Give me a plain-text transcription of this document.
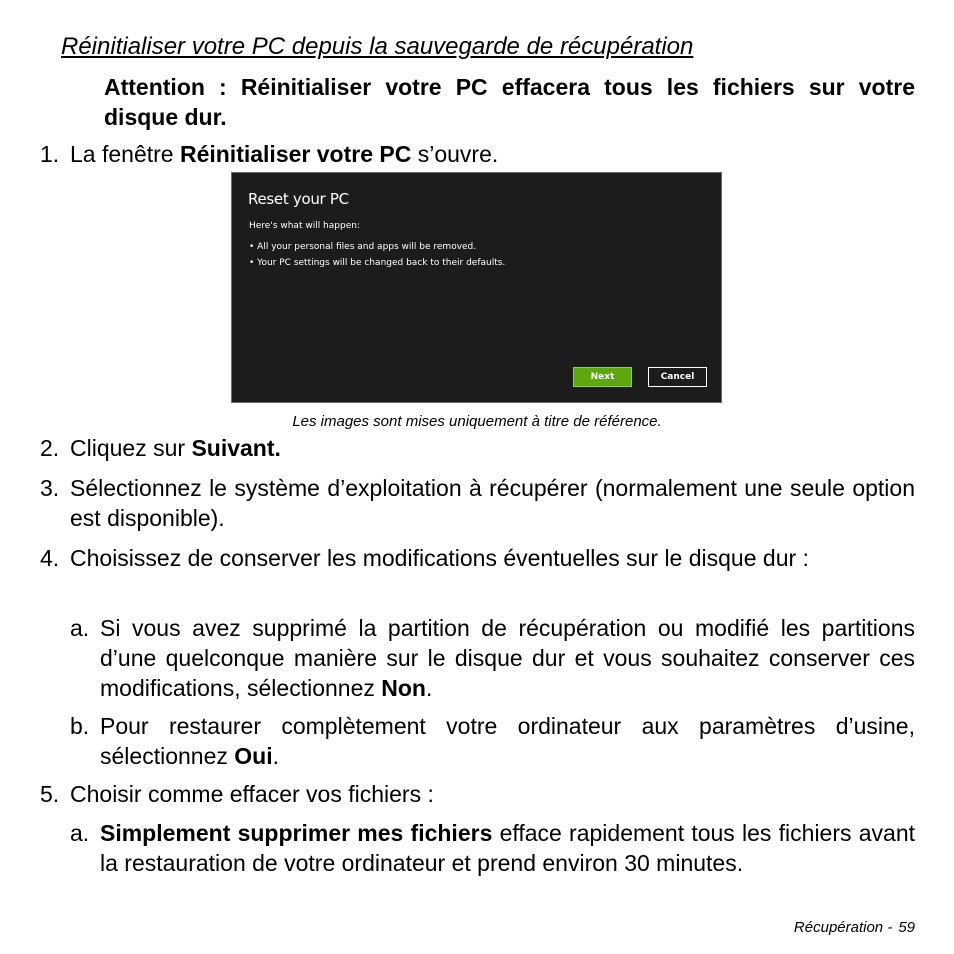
Réinitialiser votre PC depuis la sauvegarde de récupération
Attention : Réinitialiser votre PC effacera tous les fichiers sur votre disque dur.
1. La fenêtre Réinitialiser votre PC s’ouvre.
Reset your PC
Here's what will happen:
• All your personal files and apps will be removed.
• Your PC settings will be changed back to their defaults.
Next	Cancel
Les images sont mises uniquement à titre de référence.
2. Cliquez sur Suivant.
3. Sélectionnez le système d’exploitation à récupérer (normalement une seule option est disponible).
4. Choisissez de conserver les modifications éventuelles sur le disque dur :
a. Si vous avez supprimé la partition de récupération ou modifié les partitions d’une quelconque manière sur le disque dur et vous souhaitez conserver ces modifications, sélectionnez Non.
b. Pour restaurer complètement votre ordinateur aux paramètres d’usine, sélectionnez Oui.
5. Choisir comme effacer vos fichiers :
a. Simplement supprimer mes fichiers efface rapidement tous les fichiers avant la restauration de votre ordinateur et prend environ 30 minutes.
Récupération - 59
